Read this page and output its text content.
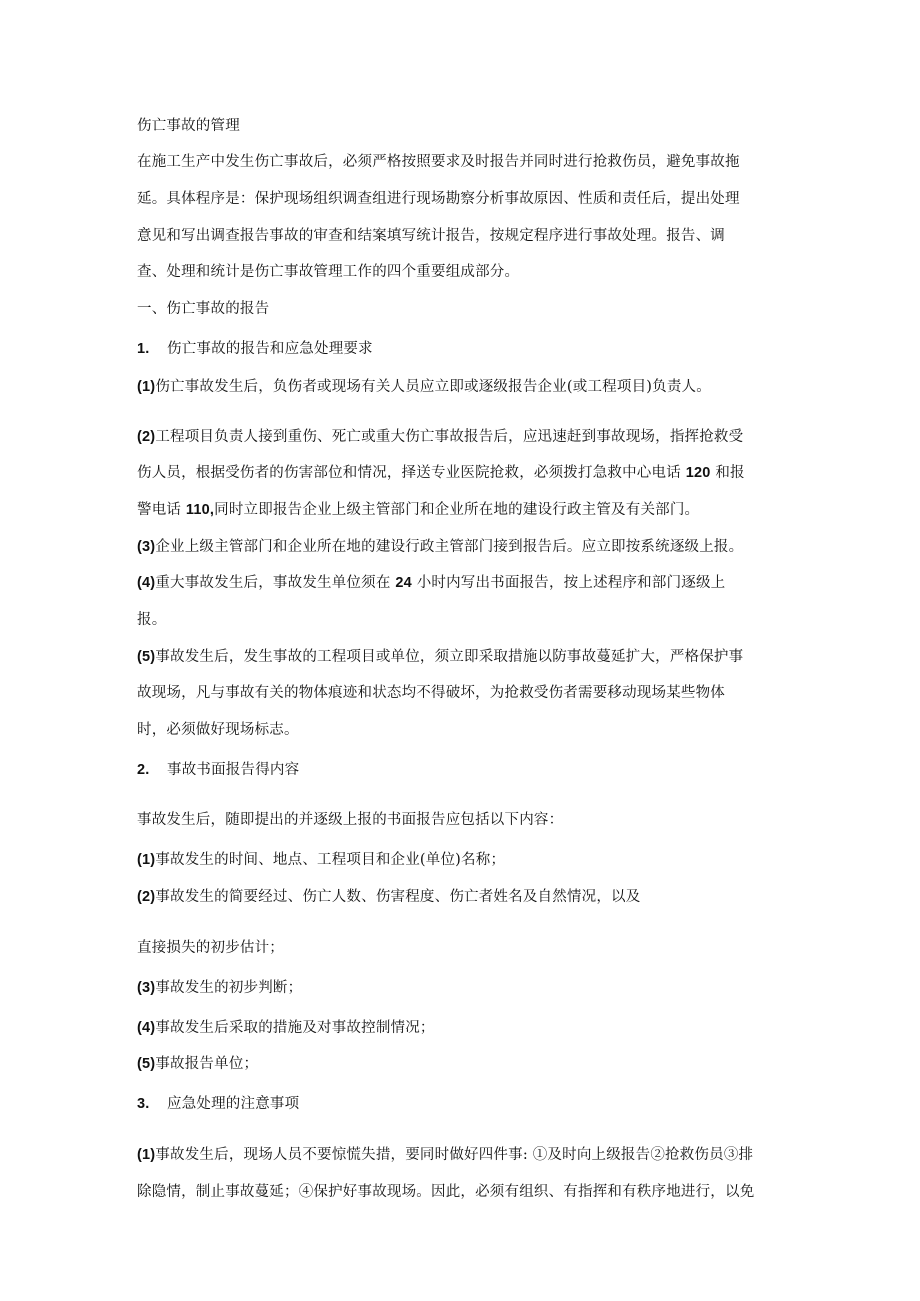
伤亡事故的管理
在施工生产中发生伤亡事故后，必须严格按照要求及时报告并同时进行抢救伤员，避免事故拖
延。具体程序是：保护现场组织调查组进行现场勘察分析事故原因、性质和责任后，提出处理
意见和写出调查报告事故的审查和结案填写统计报告，按规定程序进行事故处理。报告、调
查、处理和统计是伤亡事故管理工作的四个重要组成部分。
一、伤亡事故的报告
1. 伤亡事故的报告和应急处理要求
(1)伤亡事故发生后，负伤者或现场有关人员应立即或逐级报告企业(或工程项目)负责人。
(2)工程项目负责人接到重伤、死亡或重大伤亡事故报告后，应迅速赶到事故现场，指挥抢救受
伤人员，根据受伤者的伤害部位和情况，择送专业医院抢救，必须拨打急救中心电话 120 和报
警电话 110,同时立即报告企业上级主管部门和企业所在地的建设行政主管及有关部门。
(3)企业上级主管部门和企业所在地的建设行政主管部门接到报告后。应立即按系统逐级上报。
(4)重大事故发生后，事故发生单位须在 24 小时内写出书面报告，按上述程序和部门逐级上
报。
(5)事故发生后，发生事故的工程项目或单位，须立即采取措施以防事故蔓延扩大，严格保护事
故现场，凡与事故有关的物体痕迹和状态均不得破坏，为抢救受伤者需要移动现场某些物体
时，必须做好现场标志。
2. 事故书面报告得内容
事故发生后，随即提出的并逐级上报的书面报告应包括以下内容：
(1)事故发生的时间、地点、工程项目和企业(单位)名称；
(2)事故发生的简要经过、伤亡人数、伤害程度、伤亡者姓名及自然情况，以及
直接损失的初步估计；
(3)事故发生的初步判断；
(4)事故发生后采取的措施及对事故控制情况；
(5)事故报告单位；
3. 应急处理的注意事项
(1)事故发生后，现场人员不要惊慌失措，要同时做好四件事: ①及时向上级报告②抢救伤员③排
除隐情，制止事故蔓延；④保护好事故现场。因此，必须有组织、有指挥和有秩序地进行，以免
